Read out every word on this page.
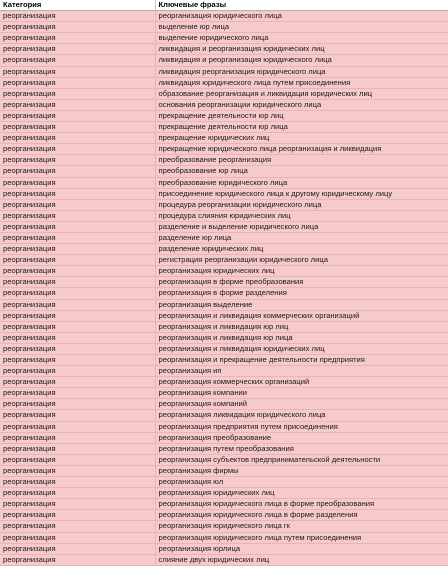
Категория	Ключевые фразы
реорганизация	реорганизация юридического лица
реорганизация	выделение юр лица
реорганизация	выделение юридического лица
реорганизация	ликвидация и реорганизация юридических лиц
реорганизация	ликвидация и реорганизация юридического лица
реорганизация	ликвидация реорганизация юридического лица
реорганизация	ликвидация юридического лица путем присоединения
реорганизация	образование реорганизация и ликвидация юридических лиц
реорганизация	основания реорганизации юридического лица
реорганизация	прекращение деятельности юр лиц
реорганизация	прекращение деятельности юр лица
реорганизация	прекращение юридических лиц
реорганизация	прекращение юридического лица реорганизация и ликвидация
реорганизация	преобразование реорганизация
реорганизация	преобразование юр лица
реорганизация	преобразование юридического лица
реорганизация	присоединение юридического лица к другому юридическому лицу
реорганизация	процедура реорганизации юридического лица
реорганизация	процедура слияния юридических лиц
реорганизация	разделение и выделение юридического лица
реорганизация	разделение юр лица
реорганизация	разделение юридических лиц
реорганизация	регистрация реорганизации юридического лица
реорганизация	реорганизация юридических лиц
реорганизация	реорганизация в форме преобразования
реорганизация	реорганизация в форме разделения
реорганизация	реорганизация выделение
реорганизация	реорганизация и ликвидация коммерческих организаций
реорганизация	реорганизация и ликвидация юр лиц
реорганизация	реорганизация и ликвидация юр лица
реорганизация	реорганизация и ликвидация юридических лиц
реорганизация	реорганизация и прекращение деятельности предприятия
реорганизация	реорганизация ип
реорганизация	реорганизация коммерческих организаций
реорганизация	реорганизация компании
реорганизация	реорганизация компаний
реорганизация	реорганизация ликвидация юридического лица
реорганизация	реорганизация предприятия путем присоединения
реорганизация	реорганизация преобразование
реорганизация	реорганизация путем преобразования
реорганизация	реорганизация субъектов предпринимательской деятельности
реорганизация	реорганизация фирмы
реорганизация	реорганизация юл
реорганизация	реорганизация юридических лиц
реорганизация	реорганизация юридического лица в форме преобразования
реорганизация	реорганизация юридического лица в форме разделения
реорганизация	реорганизация юридического лица гк
реорганизация	реорганизация юридического лица путем присоединения
реорганизация	реорганизация юрлица
реорганизация	слияние двух юридических лиц
